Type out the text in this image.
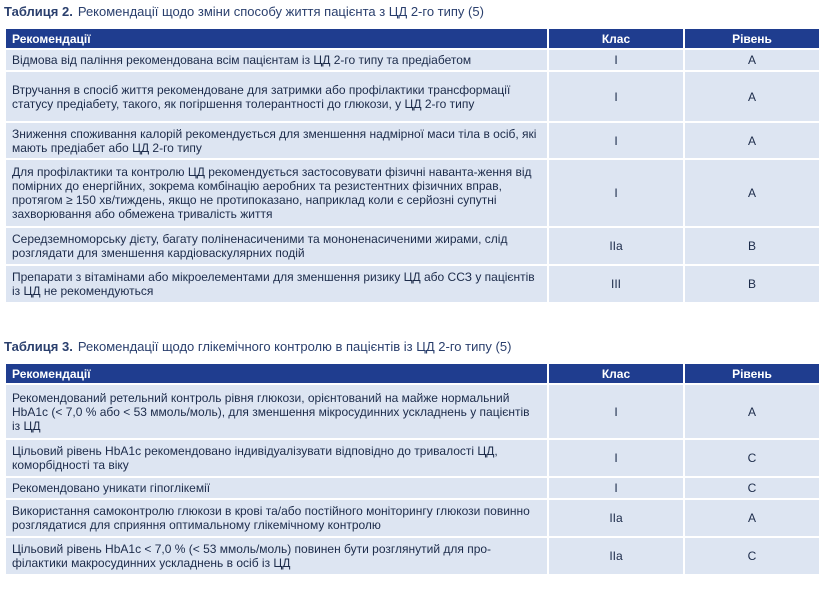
Таблиця 2. Рекомендації щодо зміни способу життя пацієнта з ЦД 2-го типу (5)
Рекомендації	Клас	Рівень
Відмова від паління рекомендована всім пацієнтам із ЦД 2-го типу та предіабетом	I	А
Втручання в спосіб життя рекомендоване для затримки або профілактики трансформації статусу предіабету, такого, як погіршення толерантності до глюкози, у ЦД 2-го типу	I	А
Зниження споживання калорій рекомендується для зменшення надмірної маси тіла в осіб, які мають предіабет або ЦД 2-го типу	I	А
Для профілактики та контролю ЦД рекомендується застосовувати фізичні наванта-ження від помірних до енергійних, зокрема комбінацію аеробних та резистентних фізичних вправ, протягом ≥ 150 хв/тиждень, якщо не протипоказано, наприклад коли є серйозні супутні захворювання або обмежена тривалість життя	I	А
Середземноморську дієту, багату поліненасиченими та мононенасиченими жирами, слід розглядати для зменшення кардіоваскулярних подій	IIa	В
Препарати з вітамінами або мікроелементами для зменшення ризику ЦД або ССЗ у пацієнтів із ЦД не рекомендуються	III	В
Таблиця 3. Рекомендації щодо глікемічного контролю в пацієнтів із ЦД 2-го типу (5)
Рекомендації	Клас	Рівень
Рекомендований ретельний контроль рівня глюкози, орієнтований на майже нормальний HbA1c (< 7,0 % або < 53 ммоль/моль), для зменшення мікросудинних ускладнень у пацієнтів із ЦД	I	А
Цільовий рівень HbA1c рекомендовано індивідуалізувати відповідно до тривалості ЦД, коморбідності та віку	I	С
Рекомендовано уникати гіпоглікемії	I	С
Використання самоконтролю глюкози в крові та/або постійного моніторингу глюкози повинно розглядатися для сприяння оптимальному глікемічному контролю	IIa	А
Цільовий рівень HbA1c < 7,0 % (< 53 ммоль/моль) повинен бути розглянутий для про-філактики макросудинних ускладнень в осіб із ЦД	IIa	С
